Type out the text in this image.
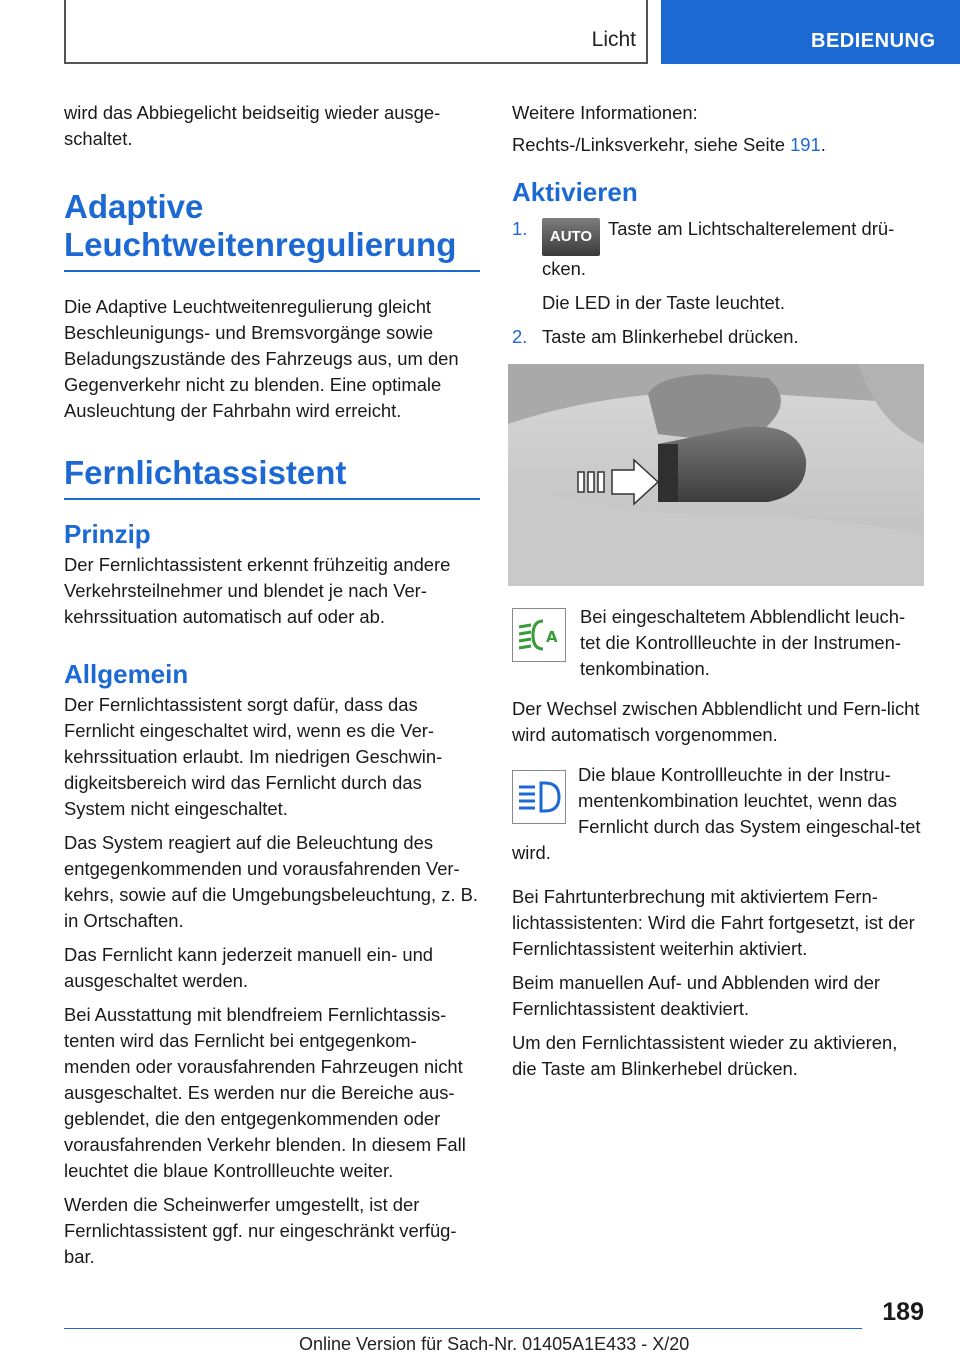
Licht	BEDIENUNG

wird das Abbiegelicht beidseitig wieder ausge-schaltet.

Adaptive Leuchtweitenregulierung

Die Adaptive Leuchtweitenregulierung gleicht Beschleunigungs- und Bremsvorgänge sowie Beladungszustände des Fahrzeugs aus, um den Gegenverkehr nicht zu blenden. Eine optimale Ausleuchtung der Fahrbahn wird erreicht.

Fernlichtassistent
Prinzip

Der Fernlichtassistent erkennt frühzeitig andere Verkehrsteilnehmer und blendet je nach Ver-kehrssituation automatisch auf oder ab.

Allgemein

Der Fernlichtassistent sorgt dafür, dass das Fernlicht eingeschaltet wird, wenn es die Ver-kehrssituation erlaubt. Im niedrigen Geschwin-digkeitsbereich wird das Fernlicht durch das System nicht eingeschaltet.

Das System reagiert auf die Beleuchtung des entgegenkommenden und vorausfahrenden Ver-kehrs, sowie auf die Umgebungsbeleuchtung, z. B. in Ortschaften.

Das Fernlicht kann jederzeit manuell ein- und ausgeschaltet werden.

Bei Ausstattung mit blendfreiem Fernlichtassis-tenten wird das Fernlicht bei entgegenkom-menden oder vorausfahrenden Fahrzeugen nicht ausgeschaltet. Es werden nur die Bereiche aus-geblendet, die den entgegenkommenden oder vorausfahrenden Verkehr blenden. In diesem Fall leuchtet die blaue Kontrollleuchte weiter.

Werden die Scheinwerfer umgestellt, ist der Fernlichtassistent ggf. nur eingeschränkt verfüg-bar.

Weitere Informationen:

Rechts-/Linksverkehr, siehe Seite 191.

Aktivieren
1. AUTO Taste am Lichtschalterelement drü-cken.
Die LED in der Taste leuchtet.
2. Taste am Blinkerhebel drücken.
A
Bei eingeschaltetem Abblendlicht leuch-tet die Kontrollleuchte in der Instrumen-tenkombination.

Der Wechsel zwischen Abblendlicht und Fern-licht wird automatisch vorgenommen.

Die blaue Kontrollleuchte in der Instru-mentenkombination leuchtet, wenn das Fernlicht durch das System eingeschal-tet wird.

Bei Fahrtunterbrechung mit aktiviertem Fern-lichtassistenten: Wird die Fahrt fortgesetzt, ist der Fernlichtassistent weiterhin aktiviert.

Beim manuellen Auf- und Abblenden wird der Fernlichtassistent deaktiviert.

Um den Fernlichtassistent wieder zu aktivieren, die Taste am Blinkerhebel drücken.

189
Online Version für Sach-Nr. 01405A1E433 - X/20
